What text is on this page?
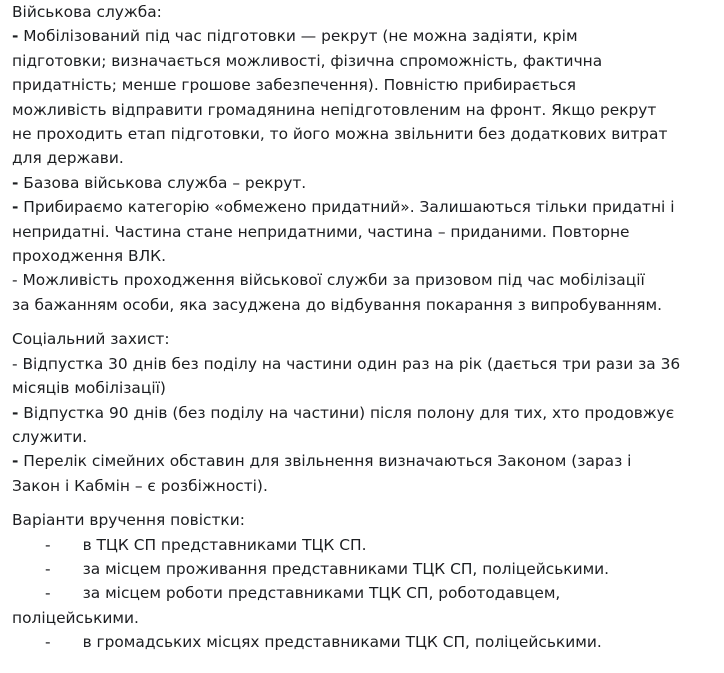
Військова служба:
- Мобілізований під час підготовки — рекрут (не можна задіяти, крім
підготовки; визначається можливості, фізична спроможність, фактична
придатність; менше грошове забезпечення). Повністю прибирається
можливість відправити громадянина непідготовленим на фронт. Якщо рекрут
не проходить етап підготовки, то його можна звільнити без додаткових витрат
для держави.
- Базова військова служба – рекрут.
- Прибираємо категорію «обмежено придатний». Залишаються тільки придатні і
непридатні. Частина стане непридатними, частина – приданими. Повторне
проходження ВЛК.
- Можливість проходження військової служби за призовом під час мобілізації
за бажанням особи, яка засуджена до відбування покарання з випробуванням.
Соціальний захист:
- Відпустка 30 днів без поділу на частини один раз на рік (дається три рази за 36
місяців мобілізації)
- Відпустка 90 днів (без поділу на частини) після полону для тих, хто продовжує
служити.
- Перелік сімейних обставин для звільнення визначаються Законом (зараз і
Закон і Кабмін – є розбіжності).
Варіанти вручення повістки:
- в ТЦК СП представниками ТЦК СП.
- за місцем проживання представниками ТЦК СП, поліцейськими.
- за місцем роботи представниками ТЦК СП, роботодавцем,
поліцейськими.
- в громадських місцях представниками ТЦК СП, поліцейськими.
